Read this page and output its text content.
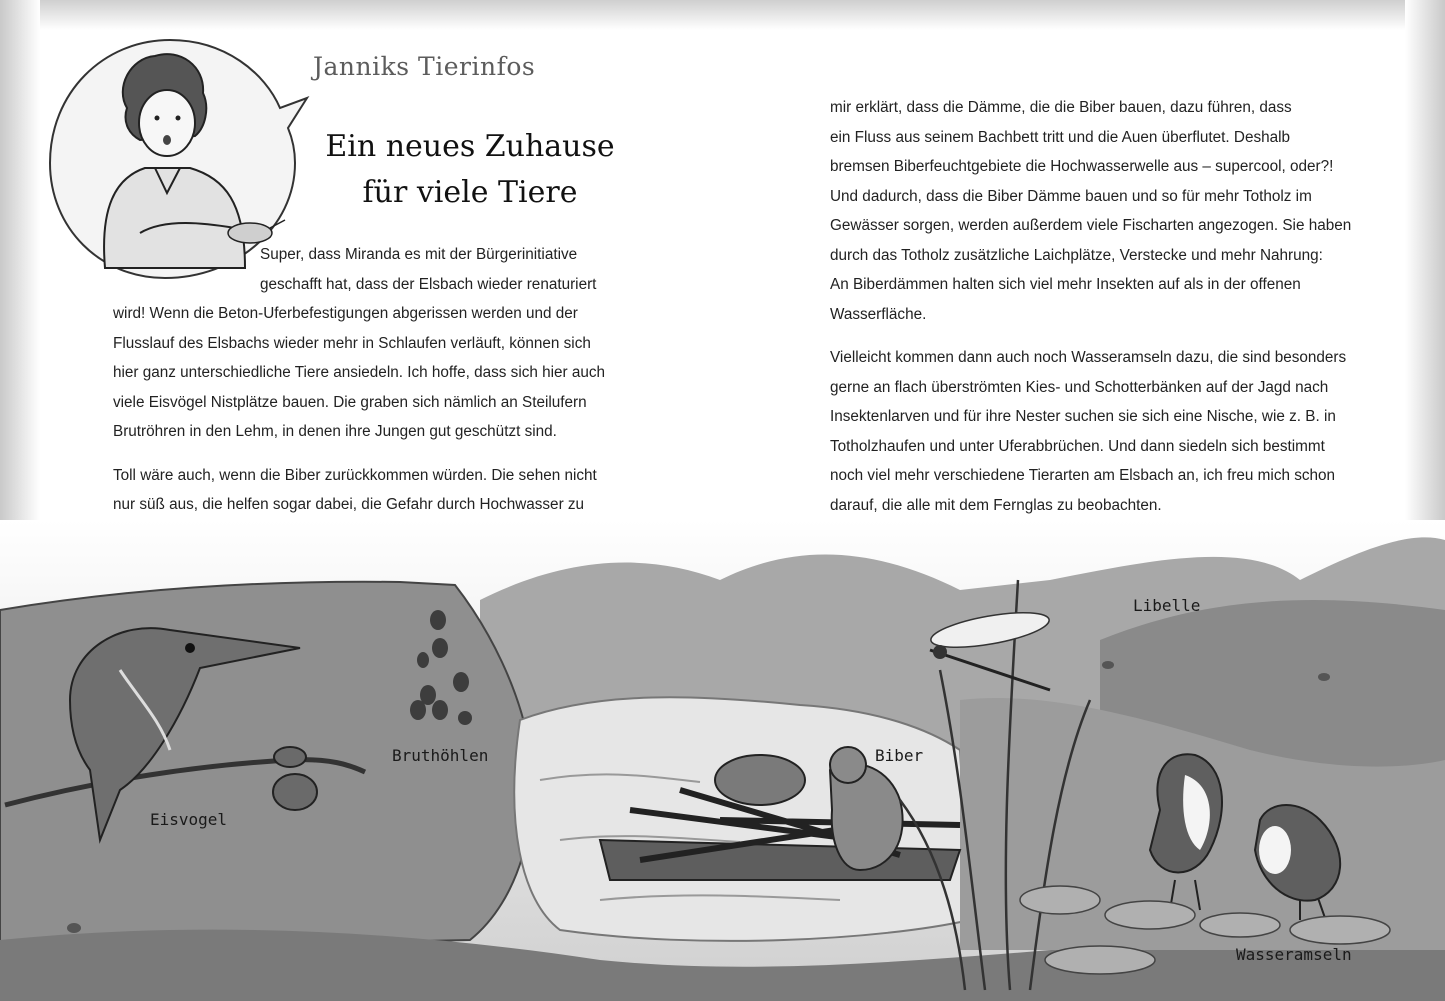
Janniks Tierinfos
Ein neues Zuhause
für viele Tiere

Super, dass Miranda es mit der Bürgerinitiative
geschafft hat, dass der Elsbach wieder renaturiert
wird! Wenn die Beton-Uferbefestigungen abgerissen werden und der
Flusslauf des Elsbachs wieder mehr in Schlaufen verläuft, können sich
hier ganz unterschiedliche Tiere ansiedeln. Ich hoffe, dass sich hier auch
viele Eisvögel Nistplätze bauen. Die graben sich nämlich an Steilufern
Brutröhren in den Lehm, in denen ihre Jungen gut geschützt sind.

Toll wäre auch, wenn die Biber zurückkommen würden. Die sehen nicht
nur süß aus, die helfen sogar dabei, die Gefahr durch Hochwasser zu

mir erklärt, dass die Dämme, die die Biber bauen, dazu führen, dass
ein Fluss aus seinem Bachbett tritt und die Auen überflutet. Deshalb
bremsen Biberfeuchtgebiete die Hochwasserwelle aus – supercool, oder?!
Und dadurch, dass die Biber Dämme bauen und so für mehr Totholz im
Gewässer sorgen, werden außerdem viele Fischarten angezogen. Sie haben
durch das Totholz zusätzliche Laichplätze, Verstecke und mehr Nahrung:
An Biberdämmen halten sich viel mehr Insekten auf als in der offenen
Wasserfläche.

Vielleicht kommen dann auch noch Wasseramseln dazu, die sind besonders
gerne an flach überströmten Kies- und Schotterbänken auf der Jagd nach
Insektenlarven und für ihre Nester suchen sie sich eine Nische, wie z. B. in
Totholzhaufen und unter Uferabbrüchen. Und dann siedeln sich bestimmt
noch viel mehr verschiedene Tierarten am Elsbach an, ich freu mich schon
darauf, die alle mit dem Fernglas zu beobachten.

Eisvogel
Bruthöhlen	Biber
Libelle
Wasseramseln
